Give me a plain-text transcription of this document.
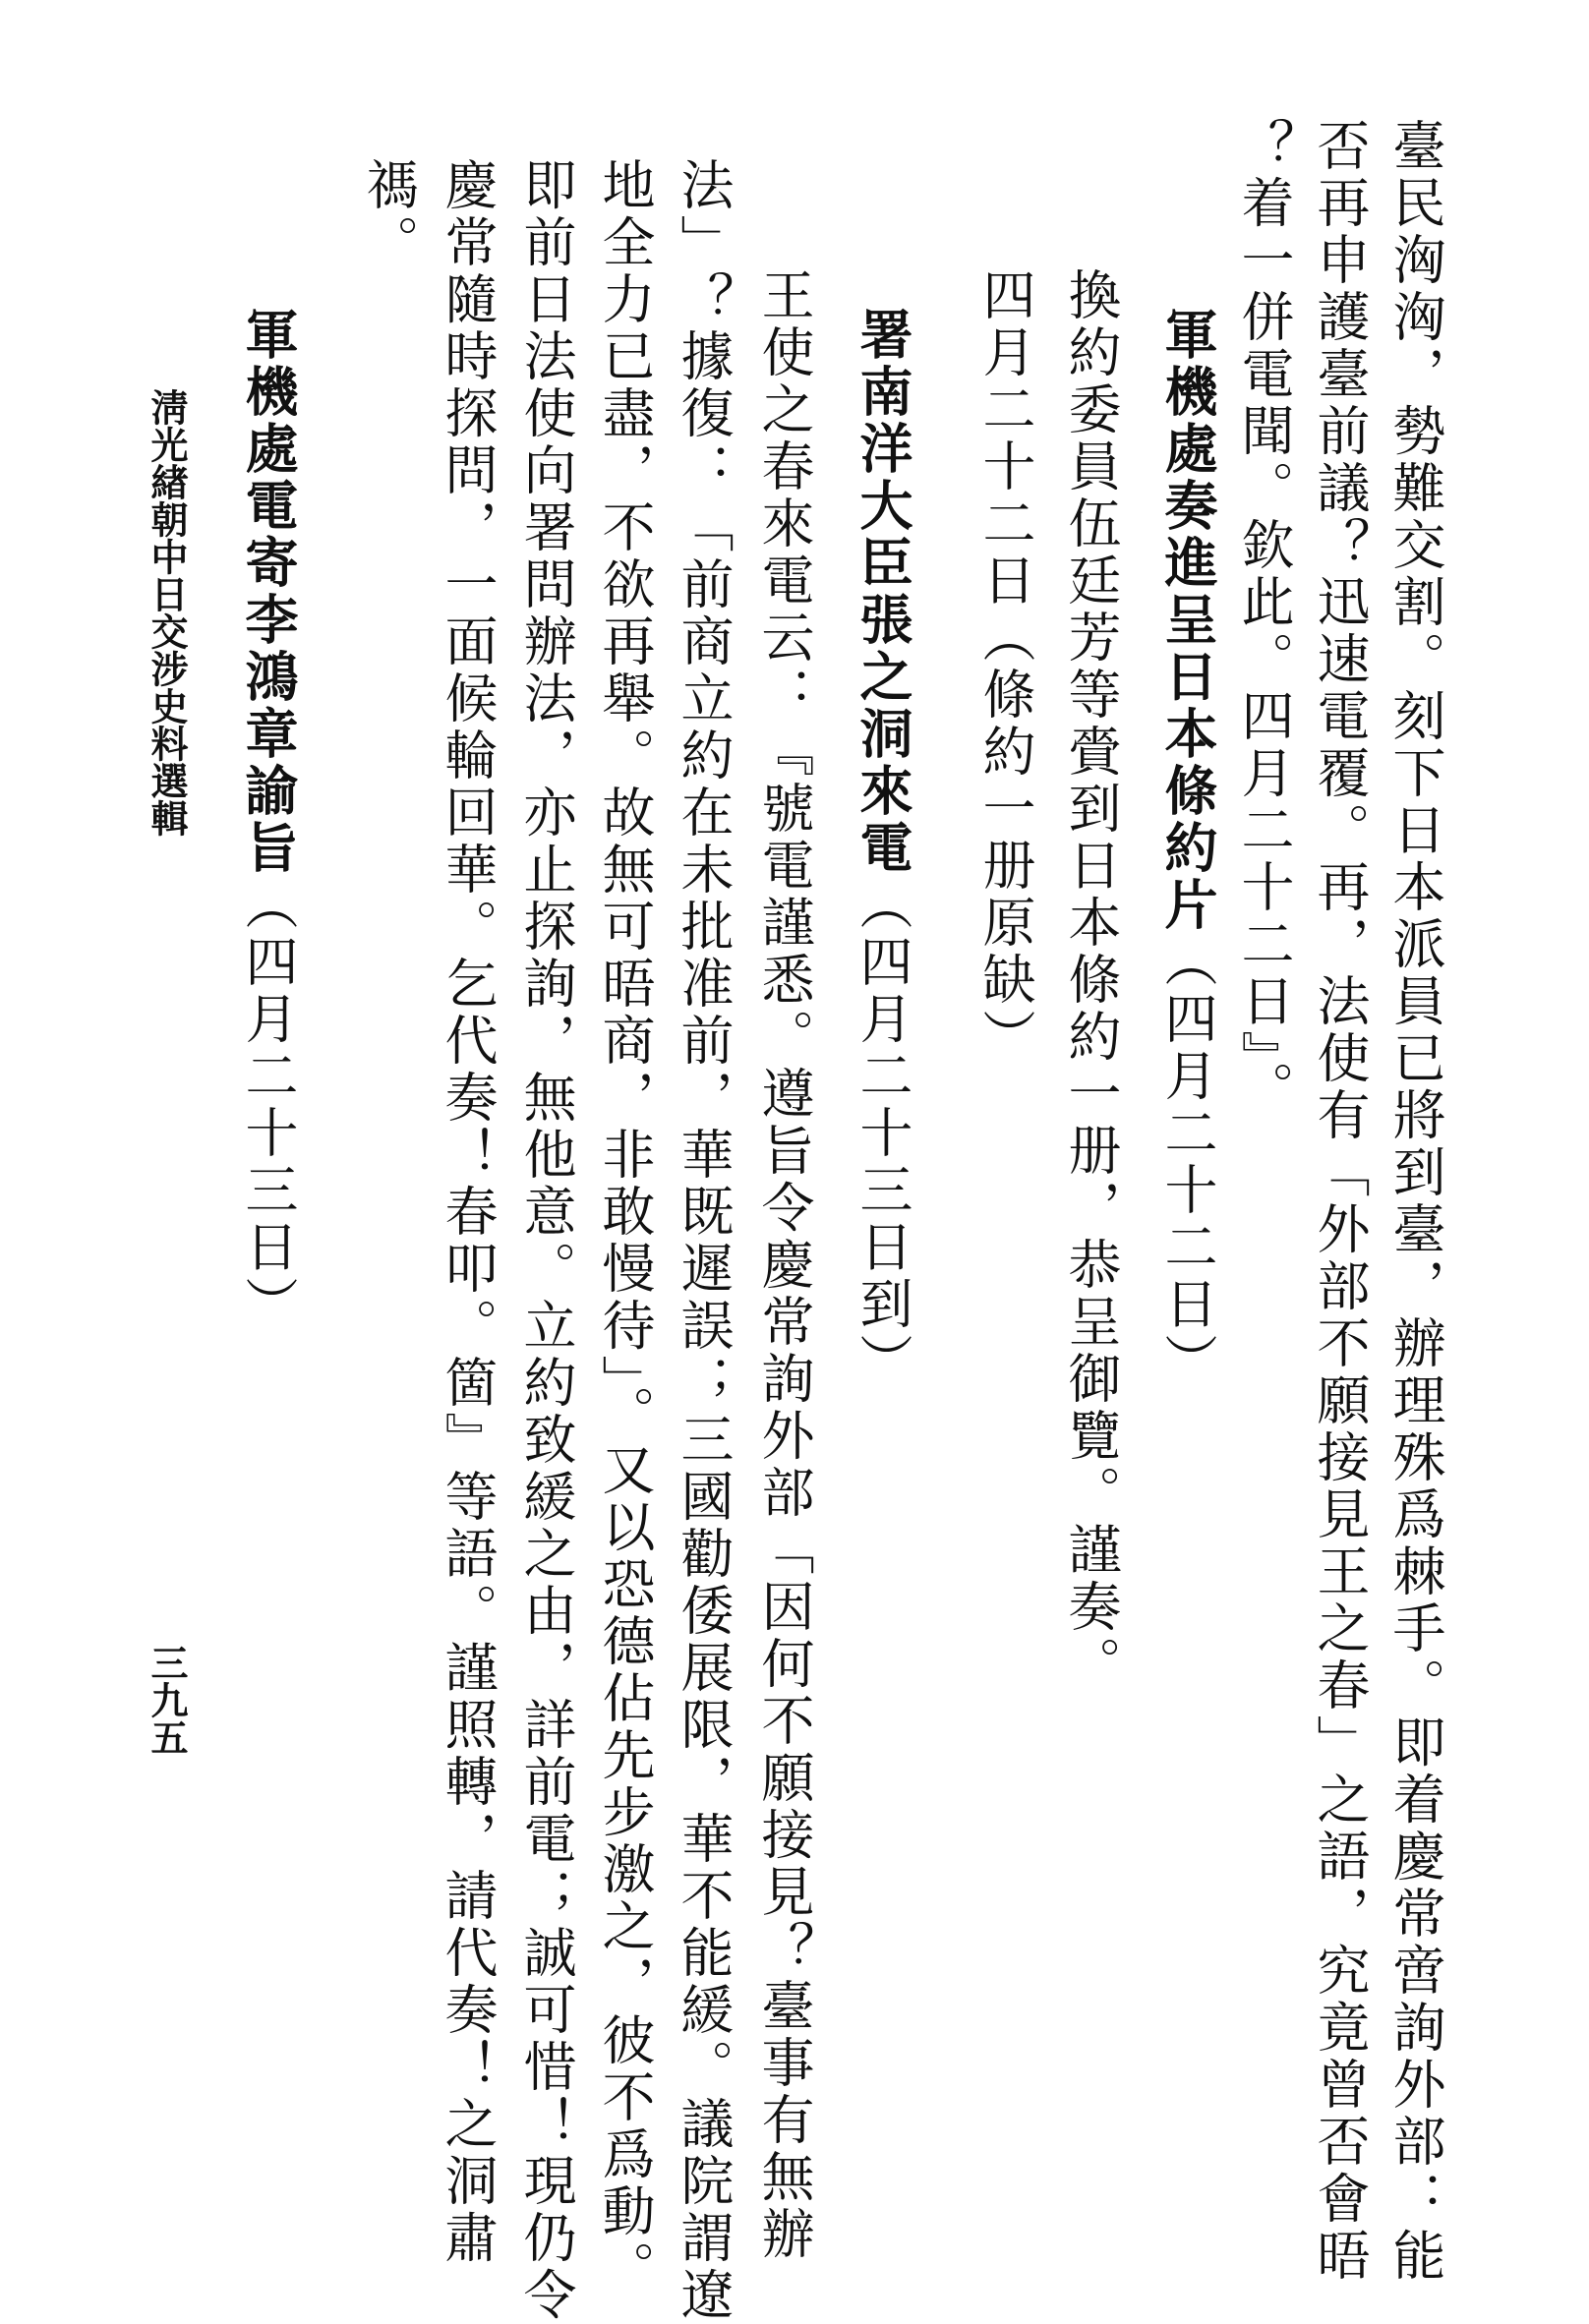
臺民洶洶，勢難交割。刻下日本派員已將到臺，辦理殊爲棘手。即着慶常啻詢外部：能
否再申護臺前議？迅速電覆。再，法使有「外部不願接見王之春」之語，究竟曾否會晤
？着一併電聞。欽此。四月二十二日』。
軍機處奏進呈日本條約片（四月二十二日）
換約委員伍廷芳等賫到日本條約一册，恭呈御覽。謹奏。
四月二十二日（條約一册原缺）
署南洋大臣張之洞來電（四月二十三日到）
王使之春來電云：『號電謹悉。遵旨令慶常詢外部「因何不願接見？臺事有無辦
法」？據復：「前商立約在未批准前，華既遲誤；三國勸倭展限，華不能緩。議院謂遼
地全力已盡，不欲再舉。故無可晤商，非敢慢待」。又以恐德佔先步激之，彼不爲動。
即前日法使向署問辦法，亦止探詢，無他意。立約致緩之由，詳前電；誠可惜！現仍令
慶常隨時探問，一面候輪回華。乞代奏！春叩。箇』等語。謹照轉，請代奏！之洞肅
禡。
軍機處電寄李鴻章諭旨（四月二十三日）
淸光緖朝中日交涉史料選輯
三九五
